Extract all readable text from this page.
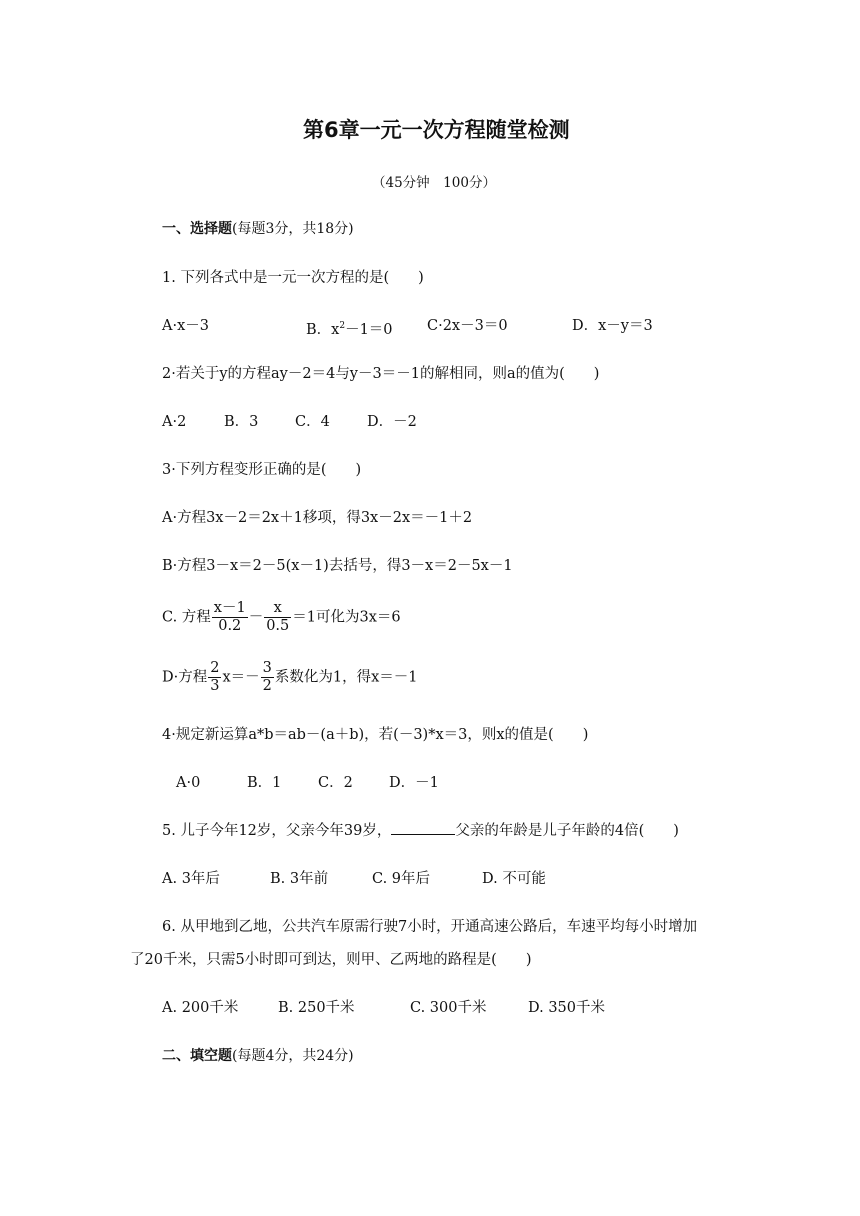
第6章一元一次方程随堂检测
（45分钟　100分）
一、选择题(每题3分，共18分)
1. 下列各式中是一元一次方程的是(　　)
A·x－3	B．$x^2-1=0$ C·2x－3＝0	D．x－y＝3
2·若关于y的方程ay－2＝4与y－3＝－1的解相同，则a的值为(　　)
A·2	B．3	C．4	D．－2
3·下列方程变形正确的是(　　)
A·方程3x－2＝2x＋1移项，得3x－2x＝－1＋2
B·方程3－x＝2－5(x－1)去括号，得3－x＝2－5x－1
C. 方程 $\frac{x-1}{0.2} - \frac{x}{0.5} =1$可化为3x＝6
D·方程 $\frac{2}{3} x=- \frac{3}{2}$ 系数化为1，得x＝－1
4·规定新运算a*b＝ab－(a＋b)，若(－3)*x＝3，则x的值是(　　)
A·0	B．1	C．2 D．－1
5. 儿子今年12岁，父亲今年39岁，	父亲的年龄是儿子年龄的4倍(　　)
A. 3年后	B. 3年前	C. 9年后	D. 不可能
6. 从甲地到乙地，公共汽车原需行驶7小时，开通高速公路后，车速平均每小时增加
了20千米，只需5小时即可到达，则甲、乙两地的路程是(　　)
A. 200千米	B. 250千米	C. 300千米	D. 350千米
二、填空题(每题4分，共24分)
